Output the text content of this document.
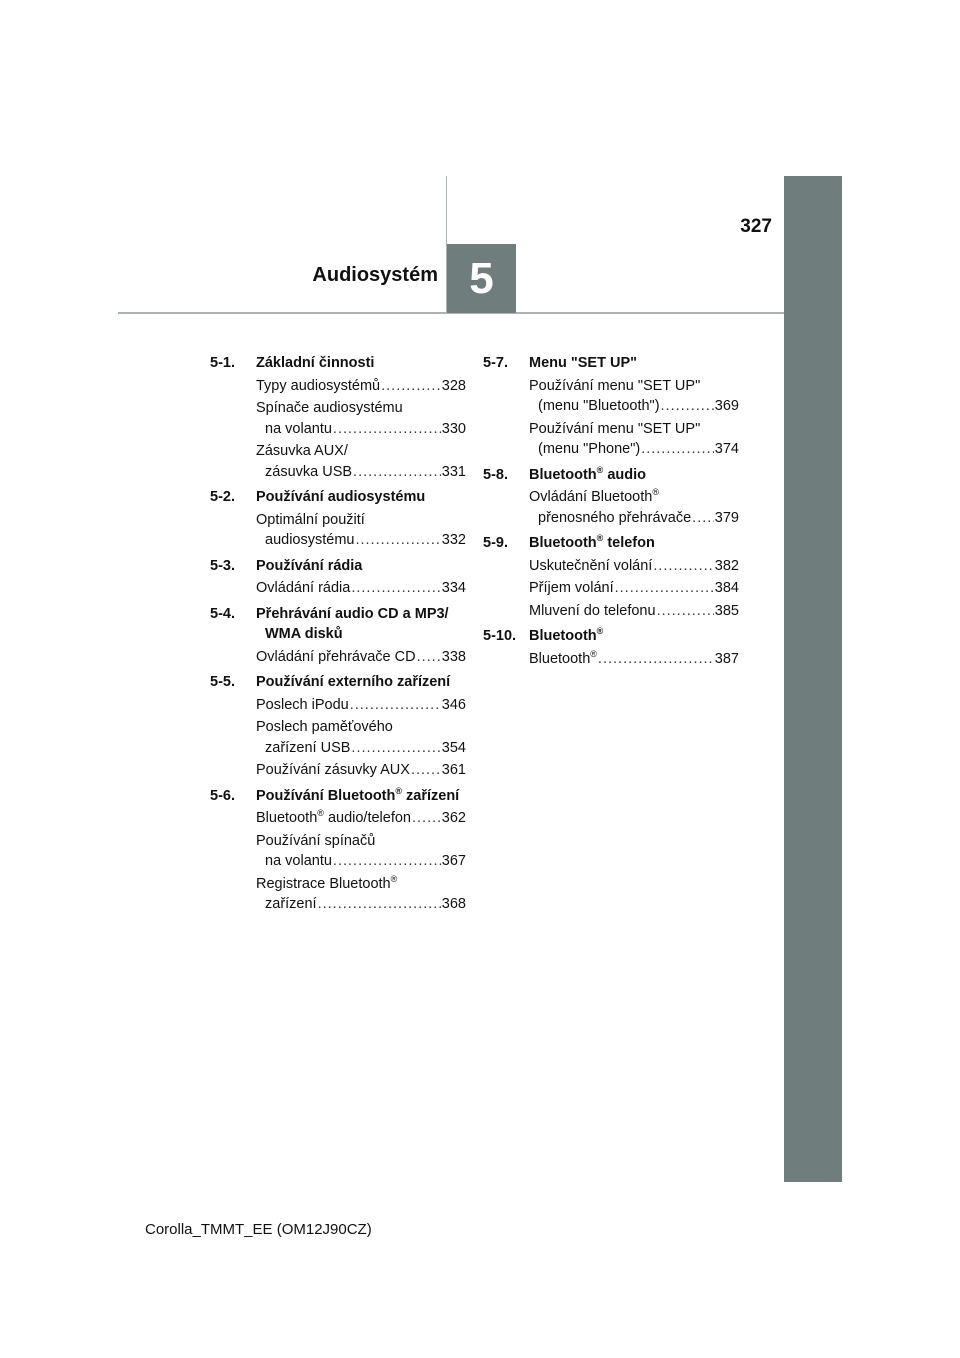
327
Audiosystém 5
5-1.	Základní činnosti
Typy audiosystémů .....	328
Spínače audiosystému
na volantu .....	330
Zásuvka AUX/
zásuvka USB .....	331
5-2.	Používání audiosystému
Optimální použití
audiosystému .....	332
5-3.	Používání rádia
Ovládání rádia .....	334
5-4.	Přehrávání audio CD a MP3/
WMA disků
Ovládání přehrávače CD ..... 338
5-5.	Používání externího zařízení
Poslech iPodu .....	346
Poslech paměťového
zařízení USB .....	354
Používání zásuvky AUX ..... 361
5-6.	Používání Bluetooth® zařízení
Bluetooth® audio/telefon ..... 362
Používání spínačů
na volantu .....	367
Registrace Bluetooth®
zařízení .....	368
5-7.	Menu "SET UP"
Používání menu "SET UP"
(menu "Bluetooth") .....	369
Používání menu "SET UP"
(menu "Phone") .....	374
5-8.	Bluetooth® audio
Ovládání Bluetooth®
přenosného přehrávače ..... 379
5-9.	Bluetooth® telefon
Uskutečnění volání .....	382
Příjem volání .....	384
Mluvení do telefonu .....	385
5-10. Bluetooth®
Bluetooth® .....	387
Corolla_TMMT_EE (OM12J90CZ)
